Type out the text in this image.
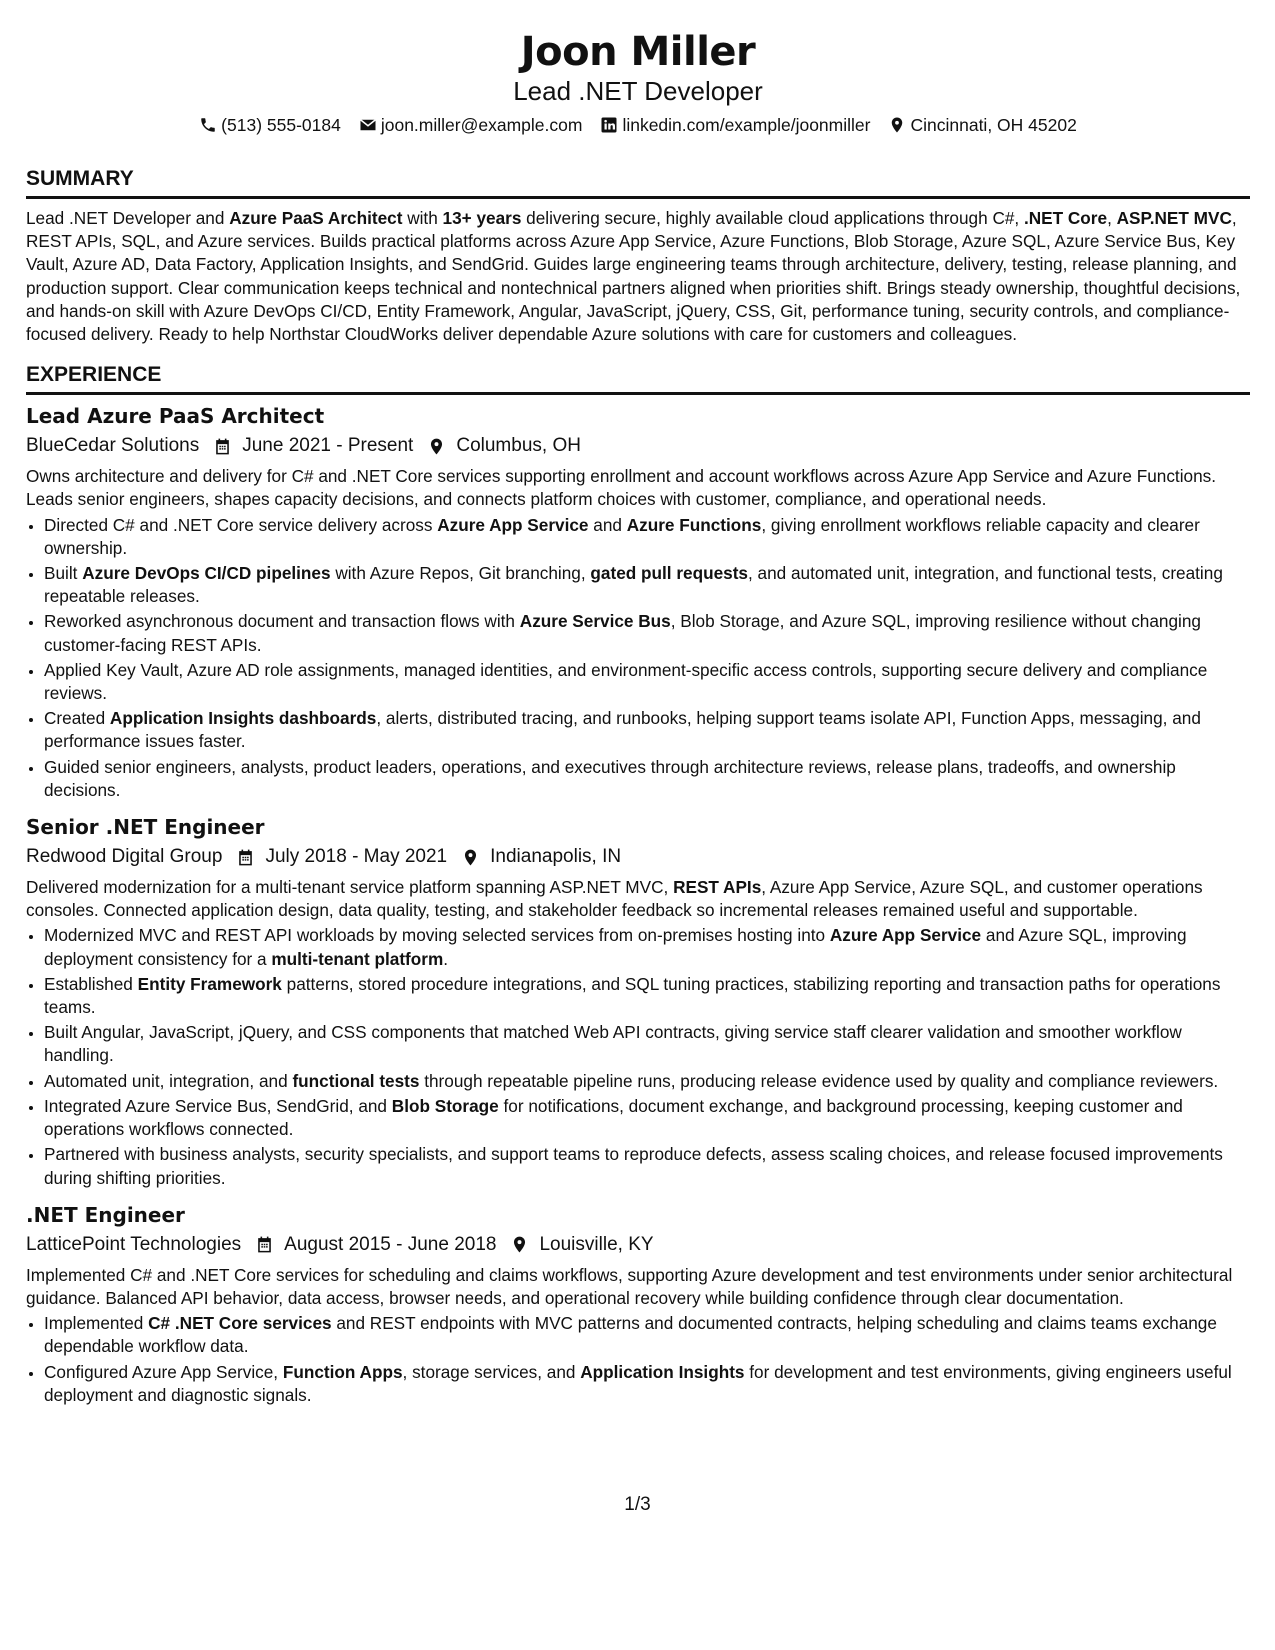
Joon Miller
Lead .NET Developer
(513) 555-0184 joon.miller@example.com linkedin.com/example/joonmiller Cincinnati, OH 45202
SUMMARY

Lead .NET Developer and Azure PaaS Architect with 13+ years delivering secure, highly available cloud applications through C#, .NET Core, ASP.NET MVC, REST APIs, SQL, and Azure services. Builds practical platforms across Azure App Service, Azure Functions, Blob Storage, Azure SQL, Azure Service Bus, Key Vault, Azure AD, Data Factory, Application Insights, and SendGrid. Guides large engineering teams through architecture, delivery, testing, release planning, and production support. Clear communication keeps technical and nontechnical partners aligned when priorities shift. Brings steady ownership, thoughtful decisions, and hands-on skill with Azure DevOps CI/CD, Entity Framework, Angular, JavaScript, jQuery, CSS, Git, performance tuning, security controls, and compliance-focused delivery. Ready to help Northstar CloudWorks deliver dependable Azure solutions with care for customers and colleagues.

EXPERIENCE
Lead Azure PaaS Architect
BlueCedar Solutions June 2021 - Present Columbus, OH

Owns architecture and delivery for C# and .NET Core services supporting enrollment and account workflows across Azure App Service and Azure Functions. Leads senior engineers, shapes capacity decisions, and connects platform choices with customer, compliance, and operational needs.

• Directed C# and .NET Core service delivery across Azure App Service and Azure Functions, giving enrollment workflows reliable capacity and clearer ownership.
• Built Azure DevOps CI/CD pipelines with Azure Repos, Git branching, gated pull requests, and automated unit, integration, and functional tests, creating repeatable releases.
• Reworked asynchronous document and transaction flows with Azure Service Bus, Blob Storage, and Azure SQL, improving resilience without changing customer-facing REST APIs.
• Applied Key Vault, Azure AD role assignments, managed identities, and environment-specific access controls, supporting secure delivery and compliance reviews.
• Created Application Insights dashboards, alerts, distributed tracing, and runbooks, helping support teams isolate API, Function Apps, messaging, and performance issues faster.
• Guided senior engineers, analysts, product leaders, operations, and executives through architecture reviews, release plans, tradeoffs, and ownership decisions.
Senior .NET Engineer
Redwood Digital Group July 2018 - May 2021 Indianapolis, IN

Delivered modernization for a multi-tenant service platform spanning ASP.NET MVC, REST APIs, Azure App Service, Azure SQL, and customer operations consoles. Connected application design, data quality, testing, and stakeholder feedback so incremental releases remained useful and supportable.

• Modernized MVC and REST API workloads by moving selected services from on-premises hosting into Azure App Service and Azure SQL, improving deployment consistency for a multi-tenant platform.
• Established Entity Framework patterns, stored procedure integrations, and SQL tuning practices, stabilizing reporting and transaction paths for operations teams.
• Built Angular, JavaScript, jQuery, and CSS components that matched Web API contracts, giving service staff clearer validation and smoother workflow handling.
• Automated unit, integration, and functional tests through repeatable pipeline runs, producing release evidence used by quality and compliance reviewers.
• Integrated Azure Service Bus, SendGrid, and Blob Storage for notifications, document exchange, and background processing, keeping customer and operations workflows connected.
• Partnered with business analysts, security specialists, and support teams to reproduce defects, assess scaling choices, and release focused improvements during shifting priorities.
.NET Engineer
LatticePoint Technologies August 2015 - June 2018 Louisville, KY

Implemented C# and .NET Core services for scheduling and claims workflows, supporting Azure development and test environments under senior architectural guidance. Balanced API behavior, data access, browser needs, and operational recovery while building confidence through clear documentation.

• Implemented C# .NET Core services and REST endpoints with MVC patterns and documented contracts, helping scheduling and claims teams exchange dependable workflow data.
• Configured Azure App Service, Function Apps, storage services, and Application Insights for development and test environments, giving engineers useful deployment and diagnostic signals.
1/3
